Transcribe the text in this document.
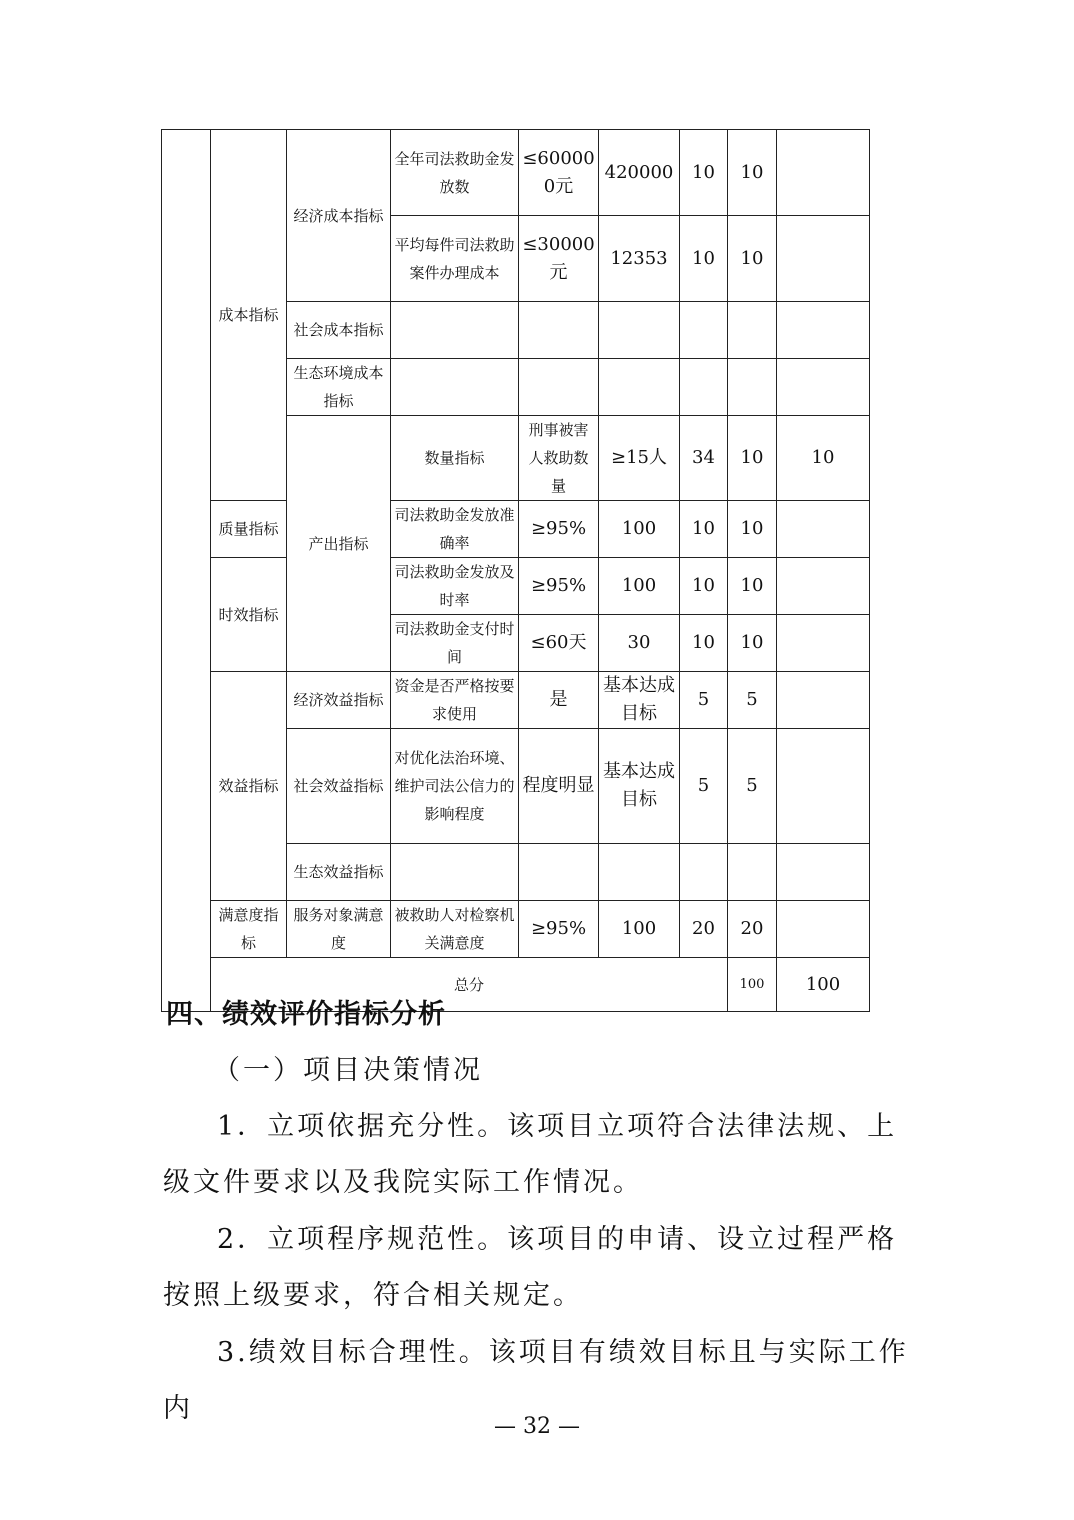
	成本指标	经济成本指标	全年司法救助金发放数	≤600000元	420000	10	10		
			平均每件司法救助案件办理成本	≤30000元	12353	10	10		
		社会成本指标							
		生态环境成本指标							
		产出指标	数量指标	刑事被害人救助数量	≥15人	34	10	10	
	质量指标		司法救助金发放准确率	≥95%	100	10	10		
	时效指标		司法救助金发放及时率	≥95%	100	10	10		
			司法救助金支付时间	≤60天	30	10	10		
	效益指标	经济效益指标	资金是否严格按要求使用	是	基本达成目标	5	5		
		社会效益指标	对优化法治环境、维护司法公信力的影响程度	程度明显	基本达成目标	5	5		
		生态效益指标							
	满意度指标	服务对象满意度	被救助人对检察机关满意度	≥95%	100	20	20		
	总分						100	100	

四、绩效评价指标分析

（一）项目决策情况

1．立项依据充分性。该项目立项符合法律法规、上级文件要求以及我院实际工作情况。

2．立项程序规范性。该项目的申请、设立过程严格按照上级要求，符合相关规定。

3.绩效目标合理性。该项目有绩效目标且与实际工作内

— 32 —
